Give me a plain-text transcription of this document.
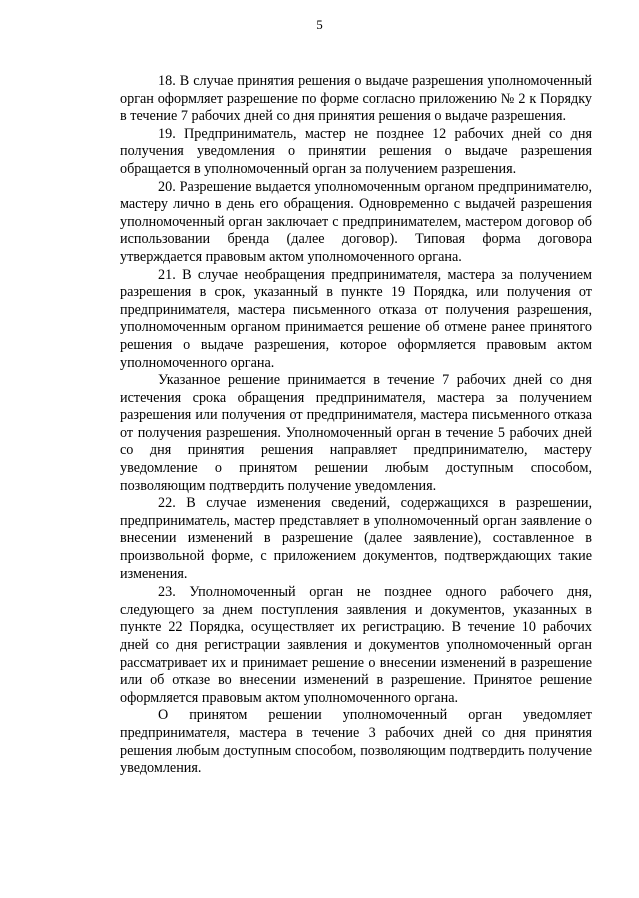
5

18. В случае принятия решения о выдаче разрешения уполномоченный орган оформляет разрешение по форме согласно приложению № 2 к Порядку в течение 7 рабочих дней со дня принятия решения о выдаче разрешения.

19. Предприниматель, мастер не позднее 12 рабочих дней со дня получения уведомления о принятии решения о выдаче разрешения обращается в уполномоченный орган за получением разрешения.

20. Разрешение выдается уполномоченным органом предпринимателю, мастеру лично в день его обращения. Одновременно с выдачей разрешения уполномоченный орган заключает с предпринимателем, мастером договор об использовании бренда (далее договор). Типовая форма договора утверждается правовым актом уполномоченного органа.

21. В случае необращения предпринимателя, мастера за получением разрешения в срок, указанный в пункте 19 Порядка, или получения от предпринимателя, мастера письменного отказа от получения разрешения, уполномоченным органом принимается решение об отмене ранее принятого решения о выдаче разрешения, которое оформляется правовым актом уполномоченного органа.

Указанное решение принимается в течение 7 рабочих дней со дня истечения срока обращения предпринимателя, мастера за получением разрешения или получения от предпринимателя, мастера письменного отказа от получения разрешения. Уполномоченный орган в течение 5 рабочих дней со дня принятия решения направляет предпринимателю, мастеру уведомление о принятом решении любым доступным способом, позволяющим подтвердить получение уведомления.

22. В случае изменения сведений, содержащихся в разрешении, предприниматель, мастер представляет в уполномоченный орган заявление о внесении изменений в разрешение (далее заявление), составленное в произвольной форме, с приложением документов, подтверждающих такие изменения.

23. Уполномоченный орган не позднее одного рабочего дня, следующего за днем поступления заявления и документов, указанных в пункте 22 Порядка, осуществляет их регистрацию. В течение 10 рабочих дней со дня регистрации заявления и документов уполномоченный орган рассматривает их и принимает решение о внесении изменений в разрешение или об отказе во внесении изменений в разрешение. Принятое решение оформляется правовым актом уполномоченного органа.

О принятом решении уполномоченный орган уведомляет предпринимателя, мастера в течение 3 рабочих дней со дня принятия решения любым доступным способом, позволяющим подтвердить получение уведомления.
